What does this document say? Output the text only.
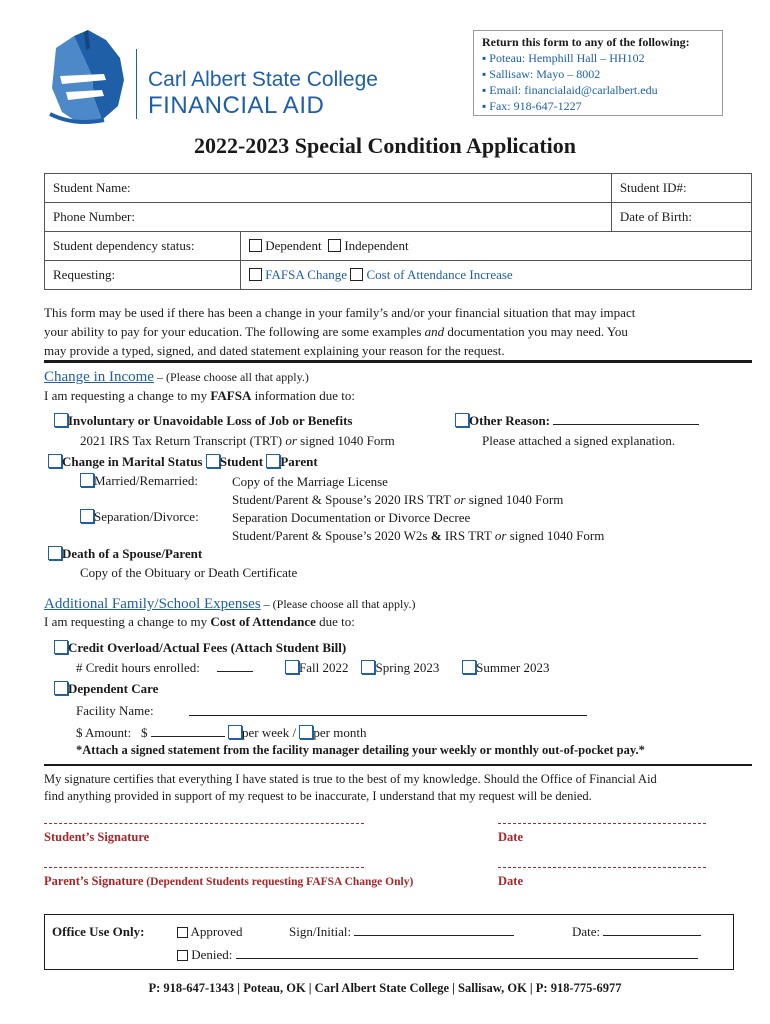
Carl Albert State College
FINANCIAL AID
Return this form to any of the following:
▪ Poteau: Hemphill Hall – HH102
▪ Sallisaw: Mayo – 8002
▪ Email: financialaid@carlalbert.edu
▪ Fax: 918-647-1227
2022-2023 Special Condition Application
Student Name:		Student ID#:
Phone Number:		Date of Birth:
Student dependency status:	Dependent Independent	
Requesting:	FAFSA Change Cost of Attendance Increase	
This form may be used if there has been a change in your family’s and/or your financial situation that may impact
your ability to pay for your education. The following are some examples and documentation you may need. You
may provide a typed, signed, and dated statement explaining your reason for the request.
Change in Income – (Please choose all that apply.)
I am requesting a change to my FAFSA information due to:
Involuntary or Unavoidable Loss of Job or Benefits
2021 IRS Tax Return Transcript (TRT) or signed 1040 Form
Other Reason:
Please attached a signed explanation.
Change in Marital Status Student Parent
Married/Remarried:	Copy of the Marriage License
Student/Parent & Spouse’s 2020 IRS TRT or signed 1040 Form
Separation/Divorce:	Separation Documentation or Divorce Decree
Student/Parent & Spouse’s 2020 W2s & IRS TRT or signed 1040 Form
Death of a Spouse/Parent
Copy of the Obituary or Death Certificate
Additional Family/School Expenses – (Please choose all that apply.)
I am requesting a change to my Cost of Attendance due to:
Credit Overload/Actual Fees (Attach Student Bill)
# Credit hours enrolled:	Fall 2022 Spring 2023	Summer 2023
Dependent Care
Facility Name:
$ Amount: $	per week / per month
*Attach a signed statement from the facility manager detailing your weekly or monthly out-of-pocket pay.*
My signature certifies that everything I have stated is true to the best of my knowledge. Should the Office of Financial Aid
find anything provided in support of my request to be inaccurate, I understand that my request will be denied.
Student’s Signature	Date
Parent’s Signature (Dependent Students requesting FAFSA Change Only)	Date
Office Use Only:	Approved	Sign/Initial:	Date:
Denied:
P: 918-647-1343 | Poteau, OK | Carl Albert State College | Sallisaw, OK | P: 918-775-6977
